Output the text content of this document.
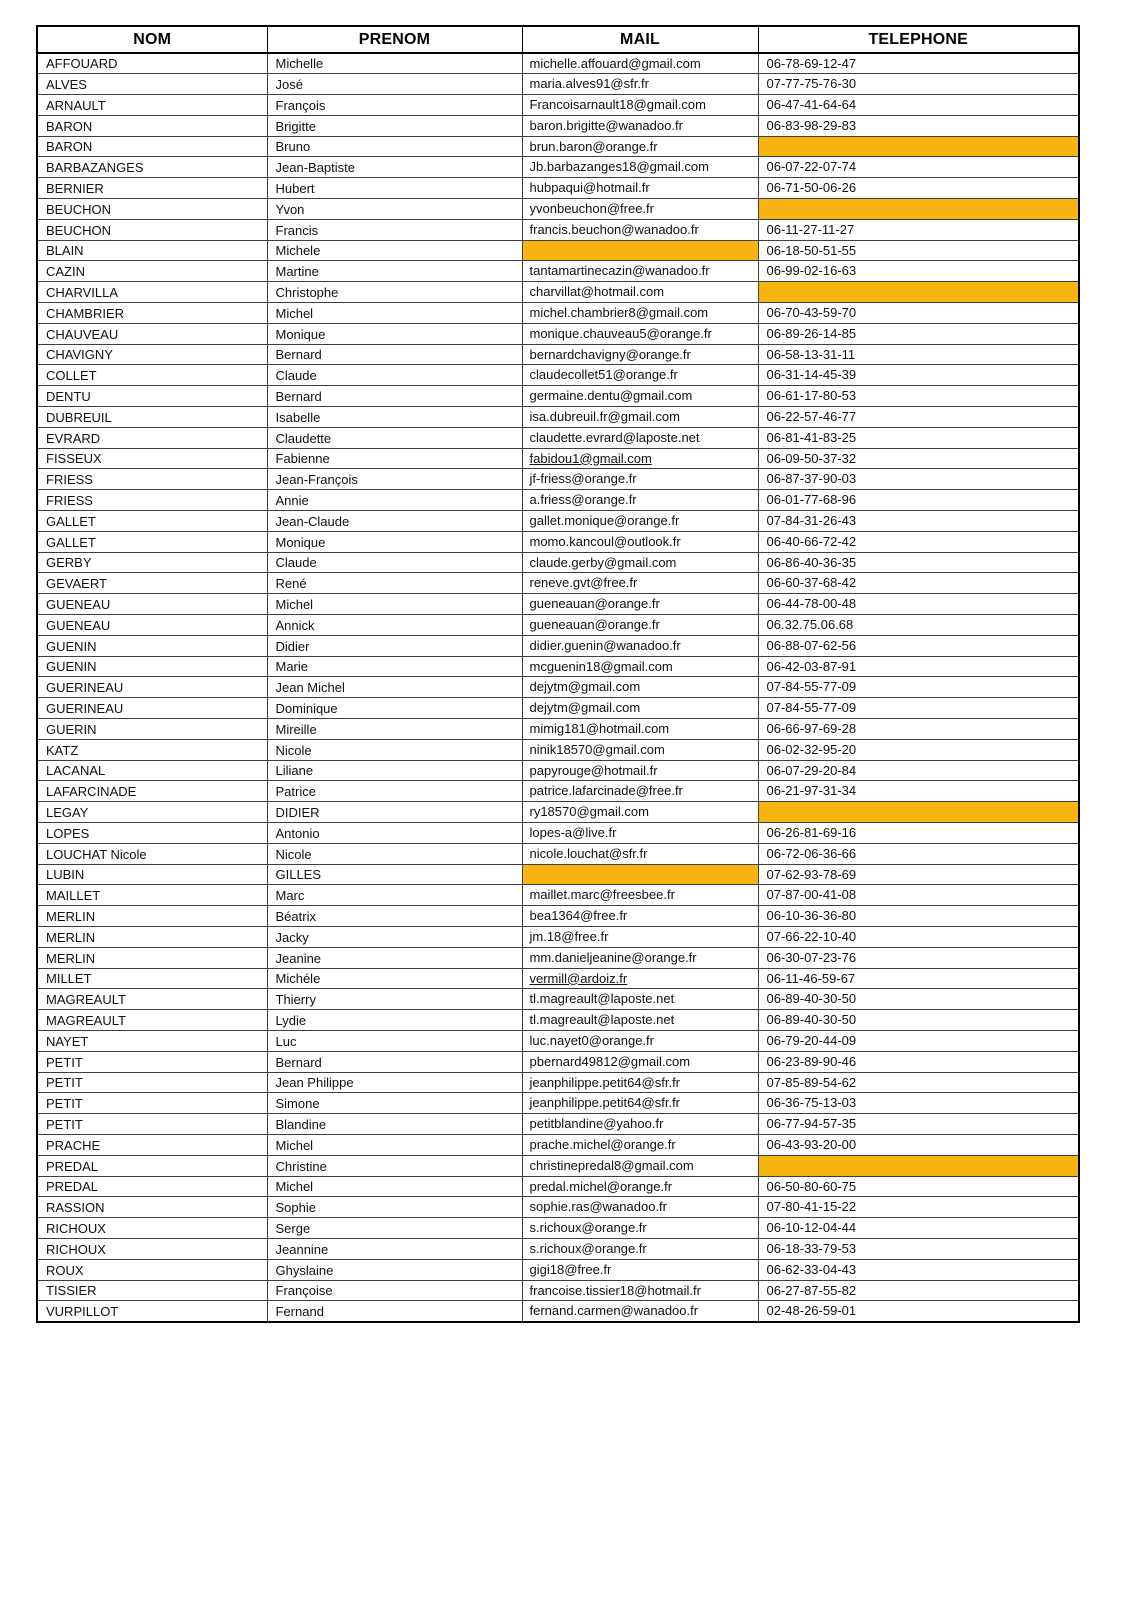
NOM	PRENOM	MAIL	TELEPHONE
AFFOUARD	Michelle	michelle.affouard@gmail.com	06-78-69-12-47
ALVES	José	maria.alves91@sfr.fr	07-77-75-76-30
ARNAULT	François	Francoisarnault18@gmail.com	06-47-41-64-64
BARON	Brigitte	baron.brigitte@wanadoo.fr	06-83-98-29-83
BARON	Bruno	brun.baron@orange.fr	
BARBAZANGES	Jean-Baptiste	Jb.barbazanges18@gmail.com	06-07-22-07-74
BERNIER	Hubert	hubpaqui@hotmail.fr	06-71-50-06-26
BEUCHON	Yvon	yvonbeuchon@free.fr	
BEUCHON	Francis	francis.beuchon@wanadoo.fr	06-11-27-11-27
BLAIN	Michele		06-18-50-51-55
CAZIN	Martine	tantamartinecazin@wanadoo.fr	06-99-02-16-63
CHARVILLA	Christophe	charvillat@hotmail.com	
CHAMBRIER	Michel	michel.chambrier8@gmail.com	06-70-43-59-70
CHAUVEAU	Monique	monique.chauveau5@orange.fr	06-89-26-14-85
CHAVIGNY	Bernard	bernardchavigny@orange.fr	06-58-13-31-11
COLLET	Claude	claudecollet51@orange.fr	06-31-14-45-39
DENTU	Bernard	germaine.dentu@gmail.com	06-61-17-80-53
DUBREUIL	Isabelle	isa.dubreuil.fr@gmail.com	06-22-57-46-77
EVRARD	Claudette	claudette.evrard@laposte.net	06-81-41-83-25
FISSEUX	Fabienne	fabidou1@gmail.com	06-09-50-37-32
FRIESS	Jean-François	jf-friess@orange.fr	06-87-37-90-03
FRIESS	Annie	a.friess@orange.fr	06-01-77-68-96
GALLET	Jean-Claude	gallet.monique@orange.fr	07-84-31-26-43
GALLET	Monique	momo.kancoul@outlook.fr	06-40-66-72-42
GERBY	Claude	claude.gerby@gmail.com	06-86-40-36-35
GEVAERT	René	reneve.gvt@free.fr	06-60-37-68-42
GUENEAU	Michel	gueneauan@orange.fr	06-44-78-00-48
GUENEAU	Annick	gueneauan@orange.fr	06.32.75.06.68
GUENIN	Didier	didier.guenin@wanadoo.fr	06-88-07-62-56
GUENIN	Marie	mcguenin18@gmail.com	06-42-03-87-91
GUERINEAU	Jean Michel	dejytm@gmail.com	07-84-55-77-09
GUERINEAU	Dominique	dejytm@gmail.com	07-84-55-77-09
GUERIN	Mireille	mimig181@hotmail.com	06-66-97-69-28
KATZ	Nicole	ninik18570@gmail.com	06-02-32-95-20
LACANAL	Liliane	papyrouge@hotmail.fr	06-07-29-20-84
LAFARCINADE	Patrice	patrice.lafarcinade@free.fr	06-21-97-31-34
LEGAY	DIDIER	ry18570@gmail.com	
LOPES	Antonio	lopes-a@live.fr	06-26-81-69-16
LOUCHAT Nicole	Nicole	nicole.louchat@sfr.fr	06-72-06-36-66
LUBIN	GILLES		07-62-93-78-69
MAILLET	Marc	maillet.marc@freesbee.fr	07-87-00-41-08
MERLIN	Béatrix	bea1364@free.fr	06-10-36-36-80
MERLIN	Jacky	jm.18@free.fr	07-66-22-10-40
MERLIN	Jeanine	mm.danieljeanine@orange.fr	06-30-07-23-76
MILLET	Michéle	vermill@ardoiz.fr	06-11-46-59-67
MAGREAULT	Thierry	tl.magreault@laposte.net	06-89-40-30-50
MAGREAULT	Lydie	tl.magreault@laposte.net	06-89-40-30-50
NAYET	Luc	luc.nayet0@orange.fr	06-79-20-44-09
PETIT	Bernard	pbernard49812@gmail.com	06-23-89-90-46
PETIT	Jean Philippe	jeanphilippe.petit64@sfr.fr	07-85-89-54-62
PETIT	Simone	jeanphilippe.petit64@sfr.fr	06-36-75-13-03
PETIT	Blandine	petitblandine@yahoo.fr	06-77-94-57-35
PRACHE	Michel	prache.michel@orange.fr	06-43-93-20-00
PREDAL	Christine	christinepredal8@gmail.com	
PREDAL	Michel	predal.michel@orange.fr	06-50-80-60-75
RASSION	Sophie	sophie.ras@wanadoo.fr	07-80-41-15-22
RICHOUX	Serge	s.richoux@orange.fr	06-10-12-04-44
RICHOUX	Jeannine	s.richoux@orange.fr	06-18-33-79-53
ROUX	Ghyslaine	gigi18@free.fr	06-62-33-04-43
TISSIER	Françoise	francoise.tissier18@hotmail.fr	06-27-87-55-82
VURPILLOT	Fernand	fernand.carmen@wanadoo.fr	02-48-26-59-01
